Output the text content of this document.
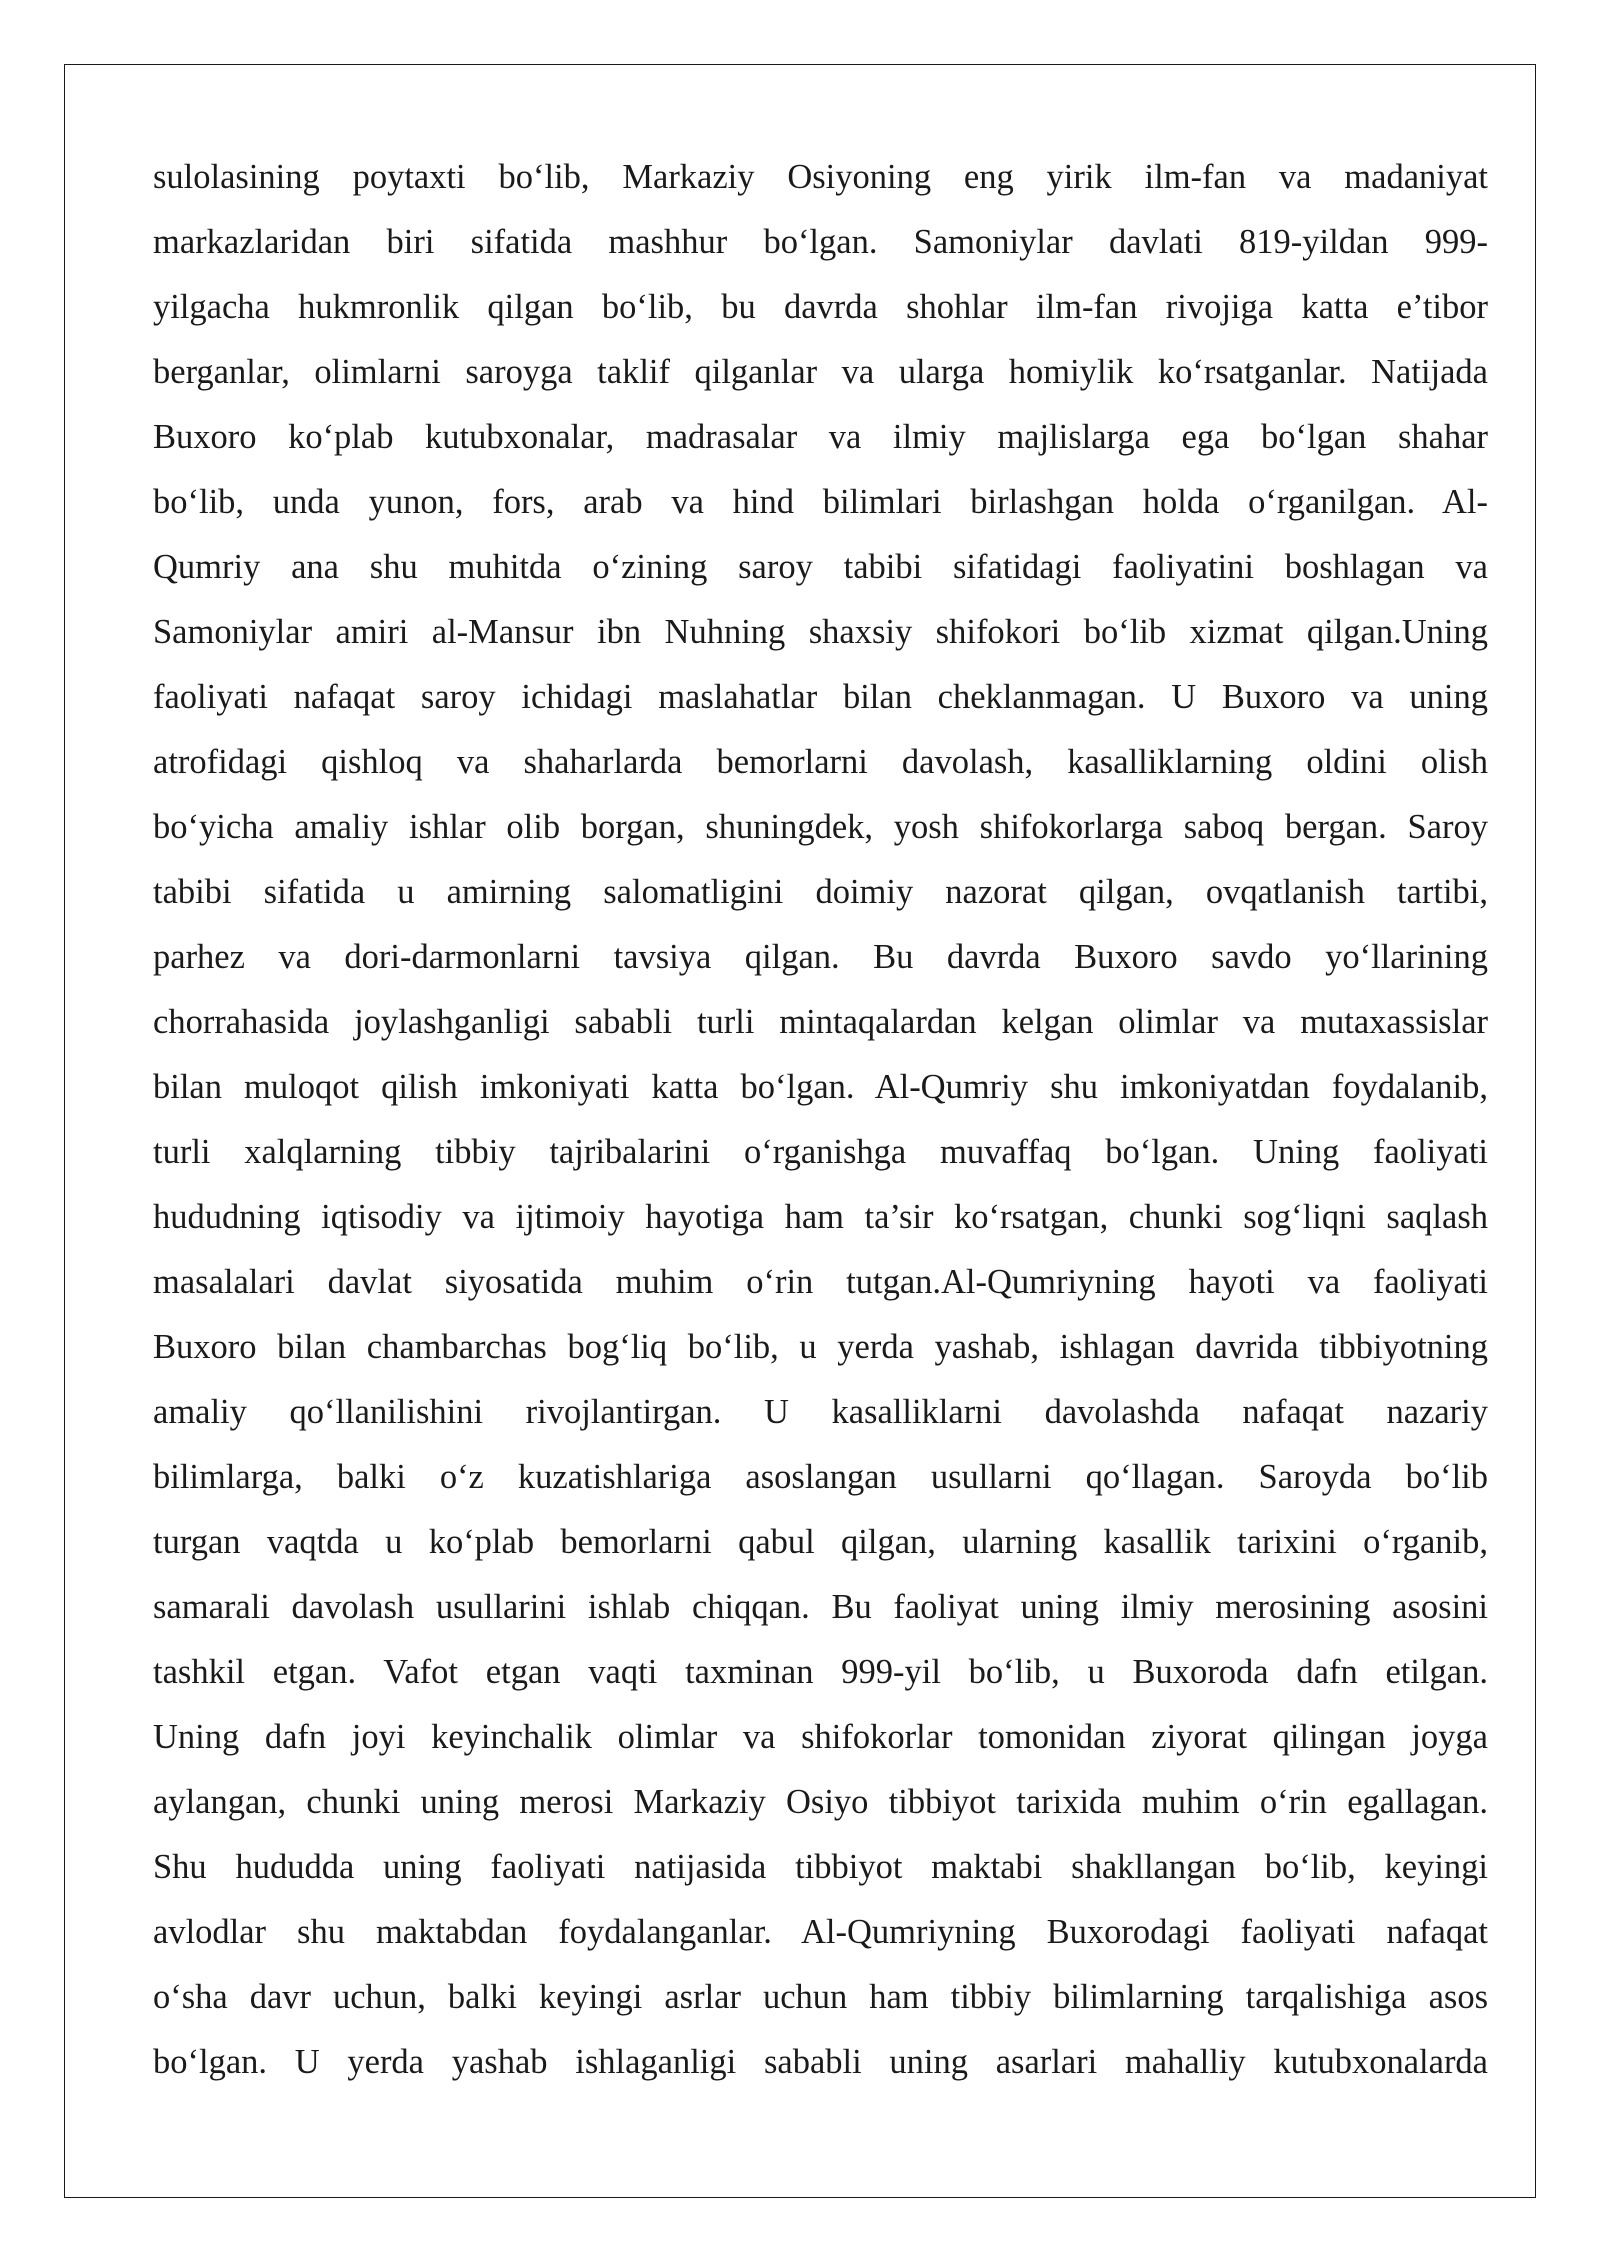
sulolasining poytaxti bo‘lib, Markaziy Osiyoning eng yirik ilm-fan va madaniyat
markazlaridan biri sifatida mashhur bo‘lgan. Samoniylar davlati 819-yildan 999-
yilgacha hukmronlik qilgan bo‘lib, bu davrda shohlar ilm-fan rivojiga katta e’tibor
berganlar, olimlarni saroyga taklif qilganlar va ularga homiylik ko‘rsatganlar. Natijada
Buxoro ko‘plab kutubxonalar, madrasalar va ilmiy majlislarga ega bo‘lgan shahar
bo‘lib, unda yunon, fors, arab va hind bilimlari birlashgan holda o‘rganilgan. Al-
Qumriy ana shu muhitda o‘zining saroy tabibi sifatidagi faoliyatini boshlagan va
Samoniylar amiri al-Mansur ibn Nuhning shaxsiy shifokori bo‘lib xizmat qilgan.Uning
faoliyati nafaqat saroy ichidagi maslahatlar bilan cheklanmagan. U Buxoro va uning
atrofidagi qishloq va shaharlarda bemorlarni davolash, kasalliklarning oldini olish
bo‘yicha amaliy ishlar olib borgan, shuningdek, yosh shifokorlarga saboq bergan. Saroy
tabibi sifatida u amirning salomatligini doimiy nazorat qilgan, ovqatlanish tartibi,
parhez va dori-darmonlarni tavsiya qilgan. Bu davrda Buxoro savdo yo‘llarining
chorrahasida joylashganligi sababli turli mintaqalardan kelgan olimlar va mutaxassislar
bilan muloqot qilish imkoniyati katta bo‘lgan. Al-Qumriy shu imkoniyatdan foydalanib,
turli xalqlarning tibbiy tajribalarini o‘rganishga muvaffaq bo‘lgan. Uning faoliyati
hududning iqtisodiy va ijtimoiy hayotiga ham ta’sir ko‘rsatgan, chunki sog‘liqni saqlash
masalalari davlat siyosatida muhim o‘rin tutgan.Al-Qumriyning hayoti va faoliyati
Buxoro bilan chambarchas bog‘liq bo‘lib, u yerda yashab, ishlagan davrida tibbiyotning
amaliy qo‘llanilishini rivojlantirgan. U kasalliklarni davolashda nafaqat nazariy
bilimlarga, balki o‘z kuzatishlariga asoslangan usullarni qo‘llagan. Saroyda bo‘lib
turgan vaqtda u ko‘plab bemorlarni qabul qilgan, ularning kasallik tarixini o‘rganib,
samarali davolash usullarini ishlab chiqqan. Bu faoliyat uning ilmiy merosining asosini
tashkil etgan. Vafot etgan vaqti taxminan 999-yil bo‘lib, u Buxoroda dafn etilgan.
Uning dafn joyi keyinchalik olimlar va shifokorlar tomonidan ziyorat qilingan joyga
aylangan, chunki uning merosi Markaziy Osiyo tibbiyot tarixida muhim o‘rin egallagan.
Shu hududda uning faoliyati natijasida tibbiyot maktabi shakllangan bo‘lib, keyingi
avlodlar shu maktabdan foydalanganlar. Al-Qumriyning Buxorodagi faoliyati nafaqat
o‘sha davr uchun, balki keyingi asrlar uchun ham tibbiy bilimlarning tarqalishiga asos
bo‘lgan. U yerda yashab ishlaganligi sababli uning asarlari mahalliy kutubxonalarda
